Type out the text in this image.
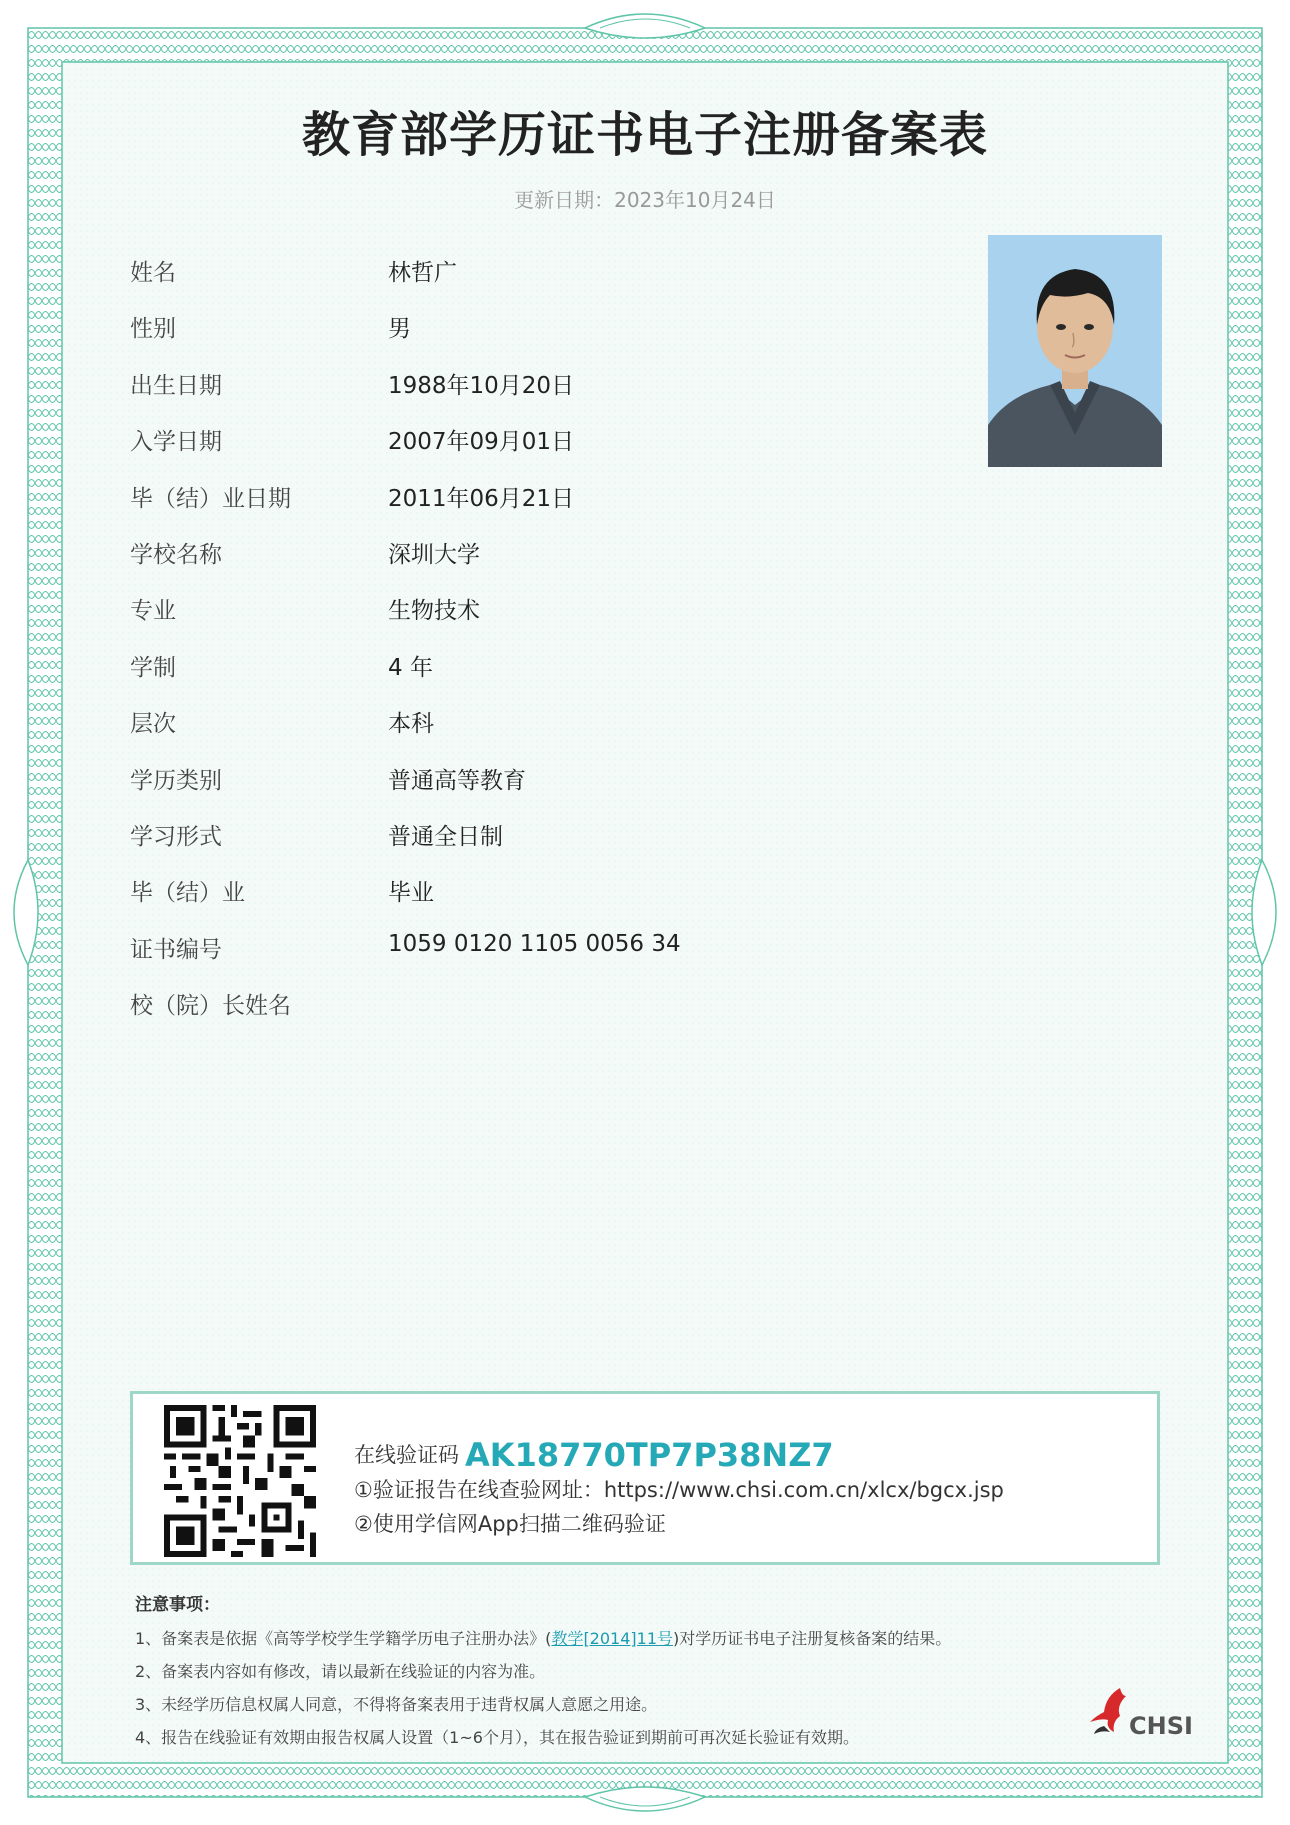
教育部学历证书电子注册备案表
更新日期：2023年10月24日
姓名	林哲广
性别	男
出生日期	1988年10月20日
入学日期	2007年09月01日
毕（结）业日期	2011年06月21日
学校名称	深圳大学
专业	生物技术
学制	4 年
层次	本科
学历类别	普通高等教育
学习形式	普通全日制
毕（结）业	毕业
证书编号	1059 0120 1105 0056 34
校（院）长姓名
在线验证码 AK18770TP7P38NZ7
①验证报告在线查验网址：https://www.chsi.com.cn/xlcx/bgcx.jsp
②使用学信网App扫描二维码验证
注意事项：
1、备案表是依据《高等学校学生学籍学历电子注册办法》(教学[2014]11号)对学历证书电子注册复核备案的结果。
2、备案表内容如有修改，请以最新在线验证的内容为准。
3、未经学历信息权属人同意，不得将备案表用于违背权属人意愿之用途。
4、报告在线验证有效期由报告权属人设置（1~6个月），其在报告验证到期前可再次延长验证有效期。	CHSI
